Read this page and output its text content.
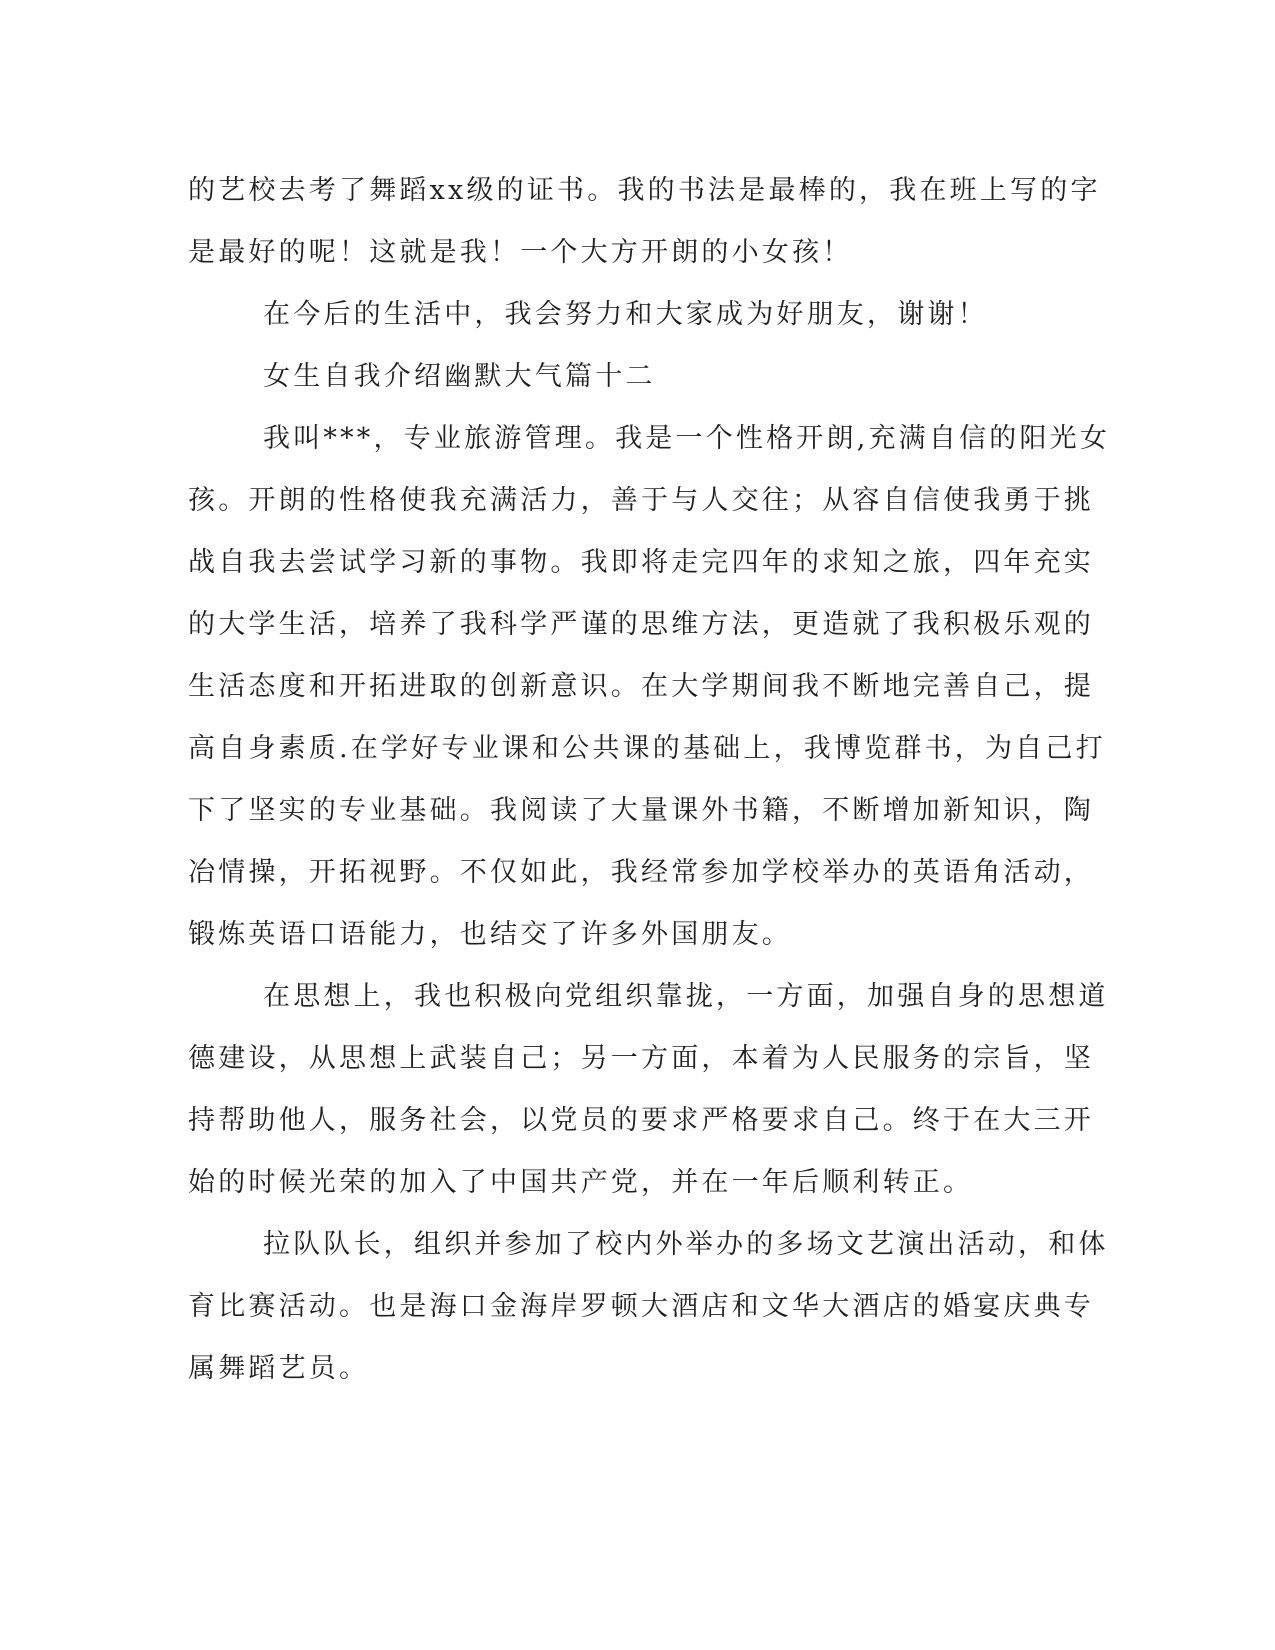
的艺校去考了舞蹈xx级的证书。我的书法是最棒的，我在班上写的字
是最好的呢！这就是我！一个大方开朗的小女孩！
在今后的生活中，我会努力和大家成为好朋友，谢谢！
女生自我介绍幽默大气篇十二
我叫***，专业旅游管理。我是一个性格开朗,充满自信的阳光女
孩。开朗的性格使我充满活力，善于与人交往；从容自信使我勇于挑
战自我去尝试学习新的事物。我即将走完四年的求知之旅，四年充实
的大学生活，培养了我科学严谨的思维方法，更造就了我积极乐观的
生活态度和开拓进取的创新意识。在大学期间我不断地完善自己，提
高自身素质.在学好专业课和公共课的基础上，我博览群书，为自己打
下了坚实的专业基础。我阅读了大量课外书籍，不断增加新知识，陶
冶情操，开拓视野。不仅如此，我经常参加学校举办的英语角活动，
锻炼英语口语能力，也结交了许多外国朋友。
在思想上，我也积极向党组织靠拢，一方面，加强自身的思想道
德建设，从思想上武装自己；另一方面，本着为人民服务的宗旨，坚
持帮助他人，服务社会，以党员的要求严格要求自己。终于在大三开
始的时候光荣的加入了中国共产党，并在一年后顺利转正。
拉队队长，组织并参加了校内外举办的多场文艺演出活动，和体
育比赛活动。也是海口金海岸罗顿大酒店和文华大酒店的婚宴庆典专
属舞蹈艺员。
